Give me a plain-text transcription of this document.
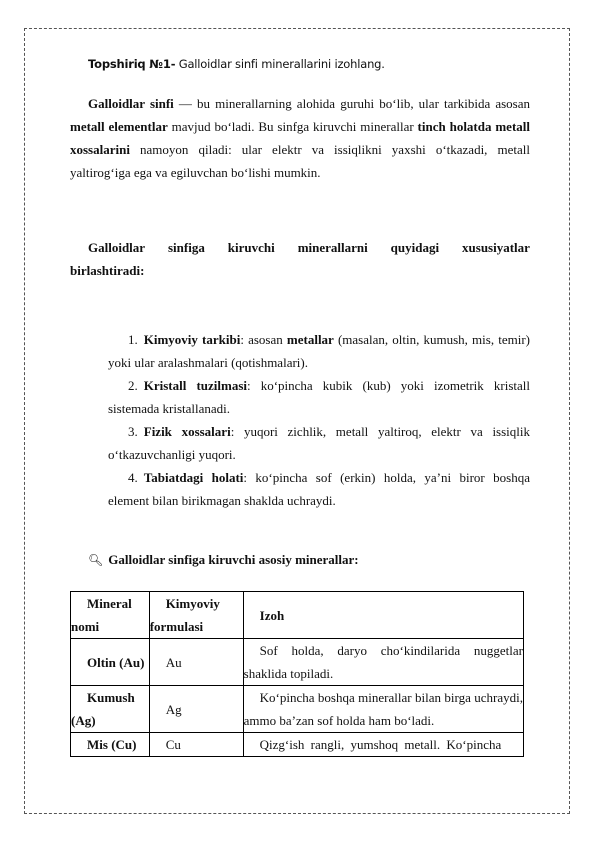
Topshiriq №1- Galloidlar sinfi minerallarini izohlang.
Galloidlar sinfi — bu minerallarning alohida guruhi bo‘lib, ular tarkibida asosan metall elementlar mavjud bo‘ladi. Bu sinfga kiruvchi minerallar tinch holatda metall xossalarini namoyon qiladi: ular elektr va issiqlikni yaxshi o‘tkazadi, metall yaltirog‘iga ega va egiluvchan bo‘lishi mumkin.
Galloidlar sinfiga kiruvchi minerallarni quyidagi xususiyatlar
birlashtiradi:

1. Kimyoviy tarkibi: asosan metallar (masalan, oltin, kumush, mis, temir) yoki ular aralashmalari (qotishmalari).

2. Kristall tuzilmasi: ko‘pincha kubik (kub) yoki izometrik kristall sistemada kristallanadi.

3. Fizik xossalari: yuqori zichlik, metall yaltiroq, elektr va issiqlik o‘tkazuvchanligi yuqori.

4. Tabiatdagi holati: ko‘pincha sof (erkin) holda, ya’ni biror boshqa element bilan birikmagan shaklda uchraydi.

🔍︎ Galloidlar sinfiga kiruvchi asosiy minerallar:
Mineral nomi	Kimyoviy formulasi	Izoh
Oltin (Au)	Au	Sof holda, daryo cho‘kindilarida nuggetlar shaklida topiladi.
Kumush (Ag)	Ag	Ko‘pincha boshqa minerallar bilan birga uchraydi, ammo ba’zan sof holda ham bo‘ladi.
Mis (Cu)	Cu	Qizg‘ish rangli, yumshoq metall. Ko‘pincha
